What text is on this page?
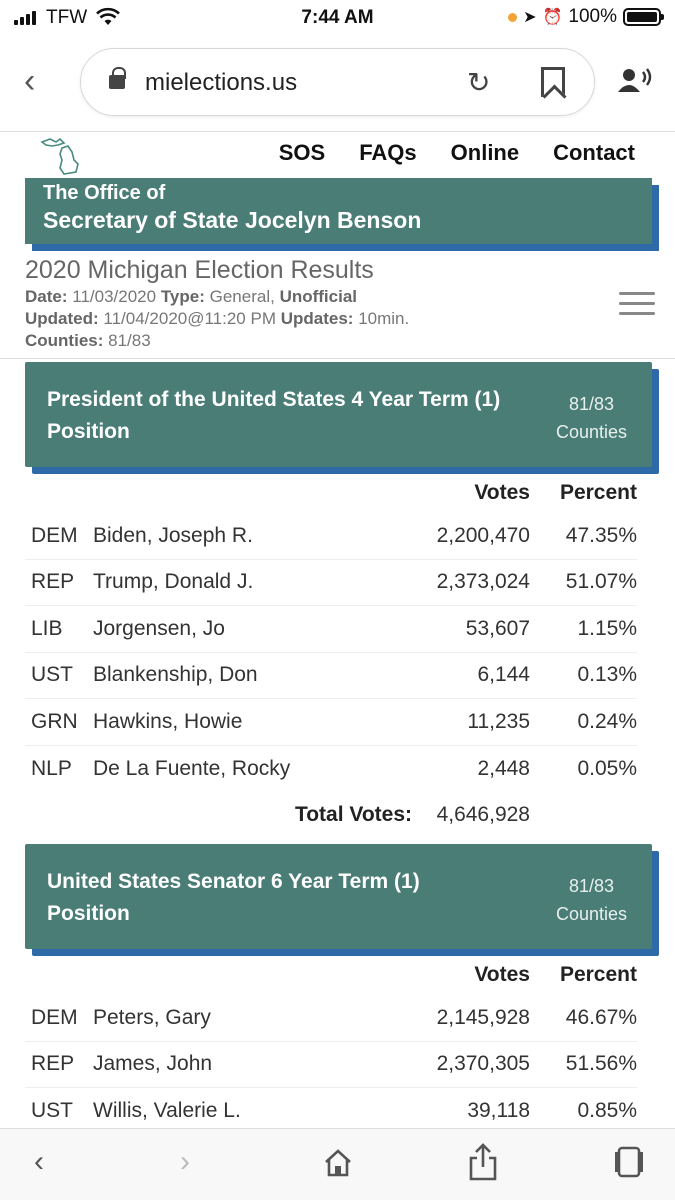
TFW	7:44 AM	➤ ⏰ 100%
‹	mielections.us	↻
SOS FAQs Online Contact
The Office of
Secretary of State Jocelyn Benson
2020 Michigan Election Results
Date: 11/03/2020 Type: General, Unofficial
Updated: 11/04/2020@11:20 PM Updates: 10min.
Counties: 81/83
President of the United States 4 Year Term (1) Position
81/83
Counties
Votes	Percent
DEM Biden, Joseph R.	2,200,470	47.35%
REP Trump, Donald J.	2,373,024	51.07%
LIB	Jorgensen, Jo	53,607	1.15%
UST Blankenship, Don	6,144	0.13%
GRN Hawkins, Howie	11,235	0.24%
NLP	De La Fuente, Rocky	2,448	0.05%
Total Votes:	4,646,928
United States Senator 6 Year Term (1) Position
81/83
Counties
Votes	Percent
DEM Peters, Gary	2,145,928	46.67%
REP James, John	2,370,305	51.56%
UST Willis, Valerie L.	39,118	0.85%
‹	›
